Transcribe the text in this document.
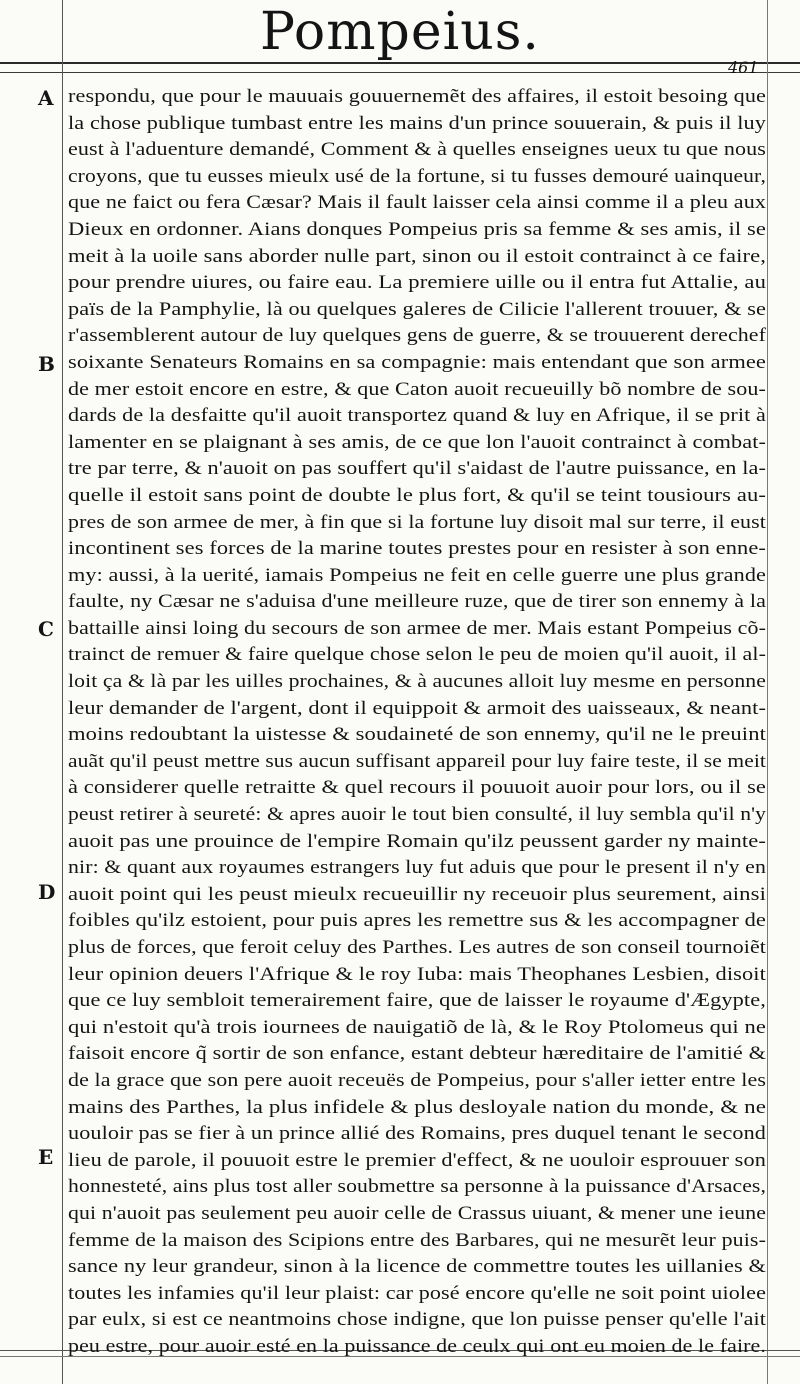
Pompeius.
461
A
B
C
D
E
respondu, que pour le mauuais gouuernemẽt des affaires, il estoit besoing que
la chose publique tumbast entre les mains d'un prince souuerain, & puis il luy
eust à l'aduenture demandé, Comment & à quelles enseignes ueux tu que nous
croyons, que tu eusses mieulx usé de la fortune, si tu fusses demouré uainqueur,
que ne faict ou fera Cæsar? Mais il fault laisser cela ainsi comme il a pleu aux
Dieux en ordonner. Aians donques Pompeius pris sa femme & ses amis, il se
meit à la uoile sans aborder nulle part, sinon ou il estoit contrainct à ce faire,
pour prendre uiures, ou faire eau. La premiere uille ou il entra fut Attalie, au
païs de la Pamphylie, là ou quelques galeres de Cilicie l'allerent trouuer, & se
r'assemblerent autour de luy quelques gens de guerre, & se trouuerent derechef
soixante Senateurs Romains en sa compagnie: mais entendant que son armee
de mer estoit encore en estre, & que Caton auoit recueuilly bõ nombre de sou-
dards de la desfaitte qu'il auoit transportez quand & luy en Afrique, il se prit à
lamenter en se plaignant à ses amis, de ce que lon l'auoit contrainct à combat-
tre par terre, & n'auoit on pas souffert qu'il s'aidast de l'autre puissance, en la-
quelle il estoit sans point de doubte le plus fort, & qu'il se teint tousiours au-
pres de son armee de mer, à fin que si la fortune luy disoit mal sur terre, il eust
incontinent ses forces de la marine toutes prestes pour en resister à son enne-
my: aussi, à la uerité, iamais Pompeius ne feit en celle guerre une plus grande
faulte, ny Cæsar ne s'aduisa d'une meilleure ruze, que de tirer son ennemy à la
battaille ainsi loing du secours de son armee de mer. Mais estant Pompeius cõ-
trainct de remuer & faire quelque chose selon le peu de moien qu'il auoit, il al-
loit ça & là par les uilles prochaines, & à aucunes alloit luy mesme en personne
leur demander de l'argent, dont il equippoit & armoit des uaisseaux, & neant-
moins redoubtant la uistesse & soudaineté de son ennemy, qu'il ne le preuint
auãt qu'il peust mettre sus aucun suffisant appareil pour luy faire teste, il se meit
à considerer quelle retraitte & quel recours il pouuoit auoir pour lors, ou il se
peust retirer à seureté: & apres auoir le tout bien consulté, il luy sembla qu'il n'y
auoit pas une prouince de l'empire Romain qu'ilz peussent garder ny mainte-
nir: & quant aux royaumes estrangers luy fut aduis que pour le present il n'y en
auoit point qui les peust mieulx recueuillir ny receuoir plus seurement, ainsi
foibles qu'ilz estoient, pour puis apres les remettre sus & les accompagner de
plus de forces, que feroit celuy des Parthes. Les autres de son conseil tournoiẽt
leur opinion deuers l'Afrique & le roy Iuba: mais Theophanes Lesbien, disoit
que ce luy sembloit temerairement faire, que de laisser le royaume d'Ægypte,
qui n'estoit qu'à trois iournees de nauigatiõ de là, & le Roy Ptolomeus qui ne
faisoit encore q̃ sortir de son enfance, estant debteur hæreditaire de l'amitié &
de la grace que son pere auoit receuës de Pompeius, pour s'aller ietter entre les
mains des Parthes, la plus infidele & plus desloyale nation du monde, & ne
uouloir pas se fier à un prince allié des Romains, pres duquel tenant le second
lieu de parole, il pouuoit estre le premier d'effect, & ne uouloir esprouuer son
honnesteté, ains plus tost aller soubmettre sa personne à la puissance d'Arsaces,
qui n'auoit pas seulement peu auoir celle de Crassus uiuant, & mener une ieune
femme de la maison des Scipions entre des Barbares, qui ne mesurẽt leur puis-
sance ny leur grandeur, sinon à la licence de commettre toutes les uillanies &
toutes les infamies qu'il leur plaist: car posé encore qu'elle ne soit point uiolee
par eulx, si est ce neantmoins chose indigne, que lon puisse penser qu'elle l'ait
peu estre, pour auoir esté en la puissance de ceulx qui ont eu moien de le faire.
